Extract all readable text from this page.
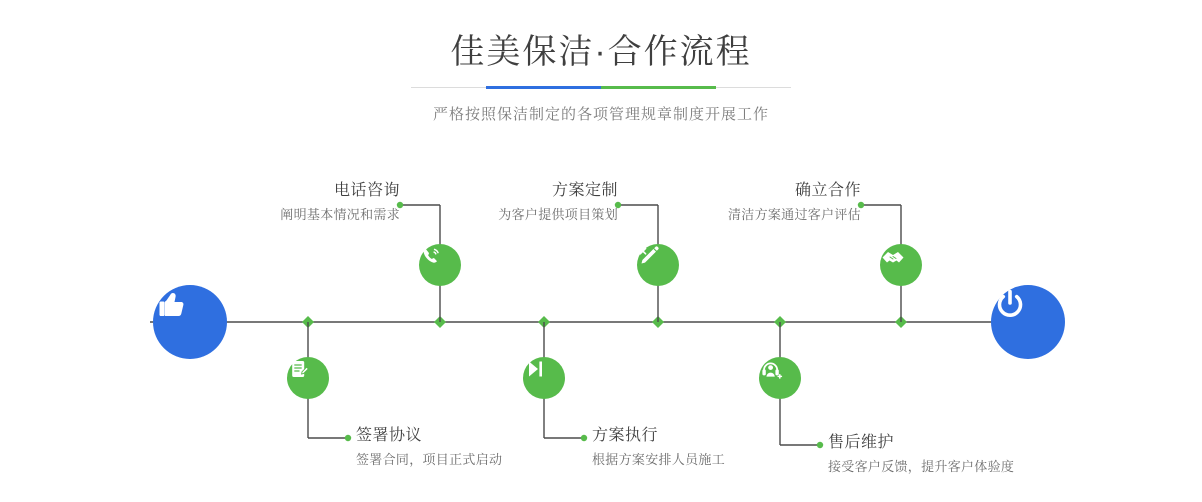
佳美保洁·合作流程

严格按照保洁制定的各项管理规章制度开展工作

电话咨询
阐明基本情况和需求
方案定制
为客户提供项目策划
确立合作
清洁方案通过客户评估
签署协议
签署合同，项目正式启动
方案执行
根据方案安排人员施工
售后维护
接受客户反馈，提升客户体验度
